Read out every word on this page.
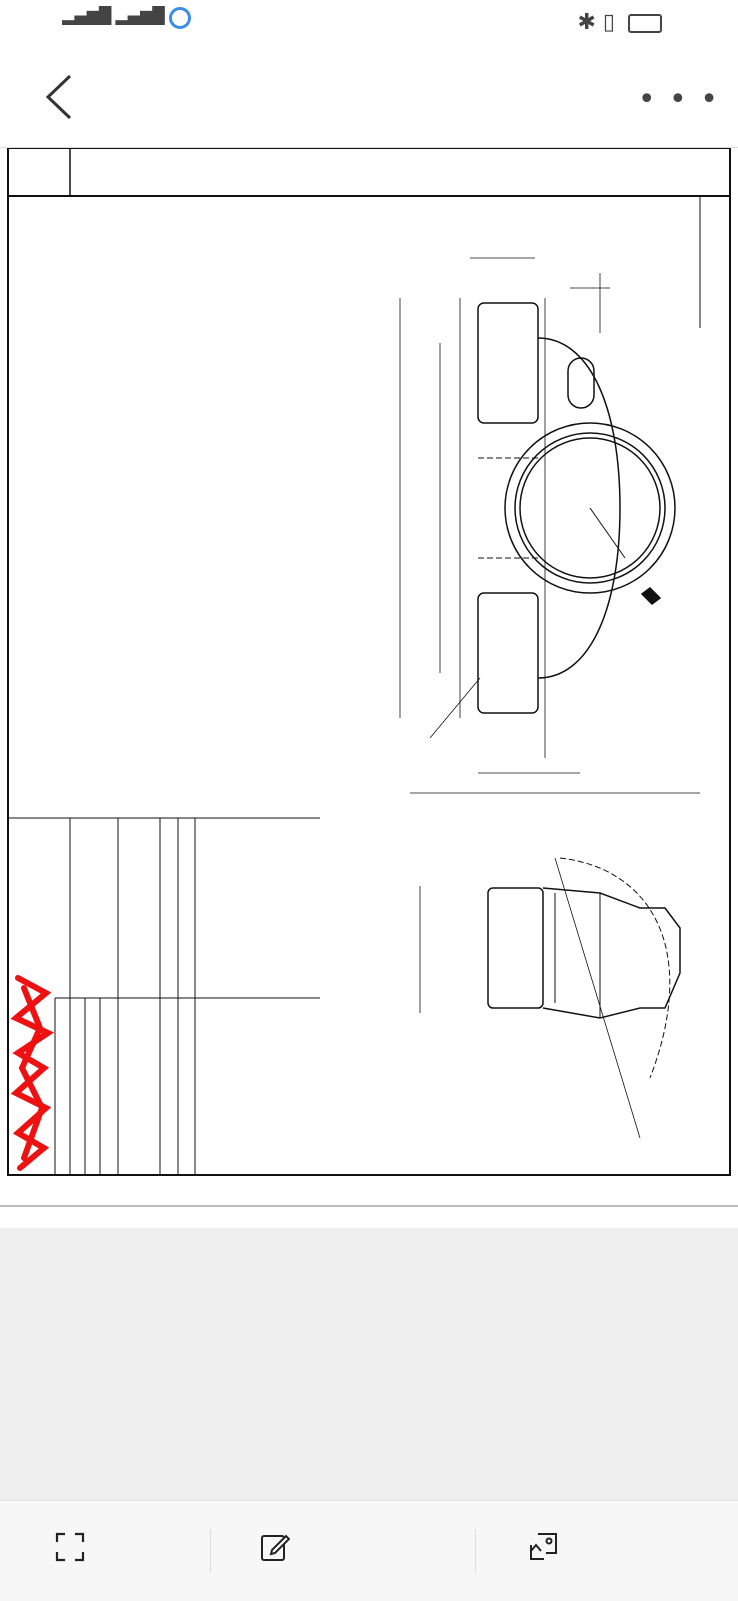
▂▄▆█ ▂▄▆█	✱ ▯
• • •
